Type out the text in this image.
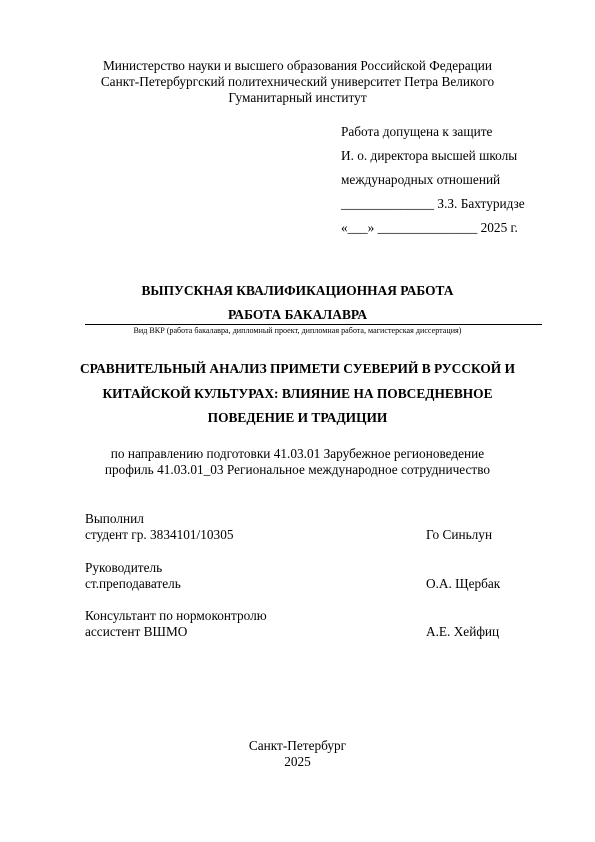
Министерство науки и высшего образования Российской Федерации
Санкт-Петербургский политехнический университет Петра Великого
Гуманитарный институт
Работа допущена к защите
И. о. директора высшей школы
международных отношений
______________ З.З. Бахтуридзе
«___» _______________ 2025 г.
ВЫПУСКНАЯ КВАЛИФИКАЦИОННАЯ РАБОТА
РАБОТА БАКАЛАВРА
Вид ВКР (работа бакалавра, дипломный проект, дипломная работа, магистерская диссертация)
СРАВНИТЕЛЬНЫЙ АНАЛИЗ ПРИМЕТИ СУЕВЕРИЙ В РУССКОЙ И
КИТАЙСКОЙ КУЛЬТУРАХ: ВЛИЯНИЕ НА ПОВСЕДНЕВНОЕ
ПОВЕДЕНИЕ И ТРАДИЦИИ
по направлению подготовки 41.03.01 Зарубежное регионоведение
профиль 41.03.01_03 Региональное международное сотрудничество
Выполнил
студент гр. 3834101/10305	Го Синьлун
Руководитель
ст.преподаватель	О.А. Щербак
Консультант по нормоконтролю
ассистент ВШМО	А.Е. Хейфиц
Санкт-Петербург
2025
